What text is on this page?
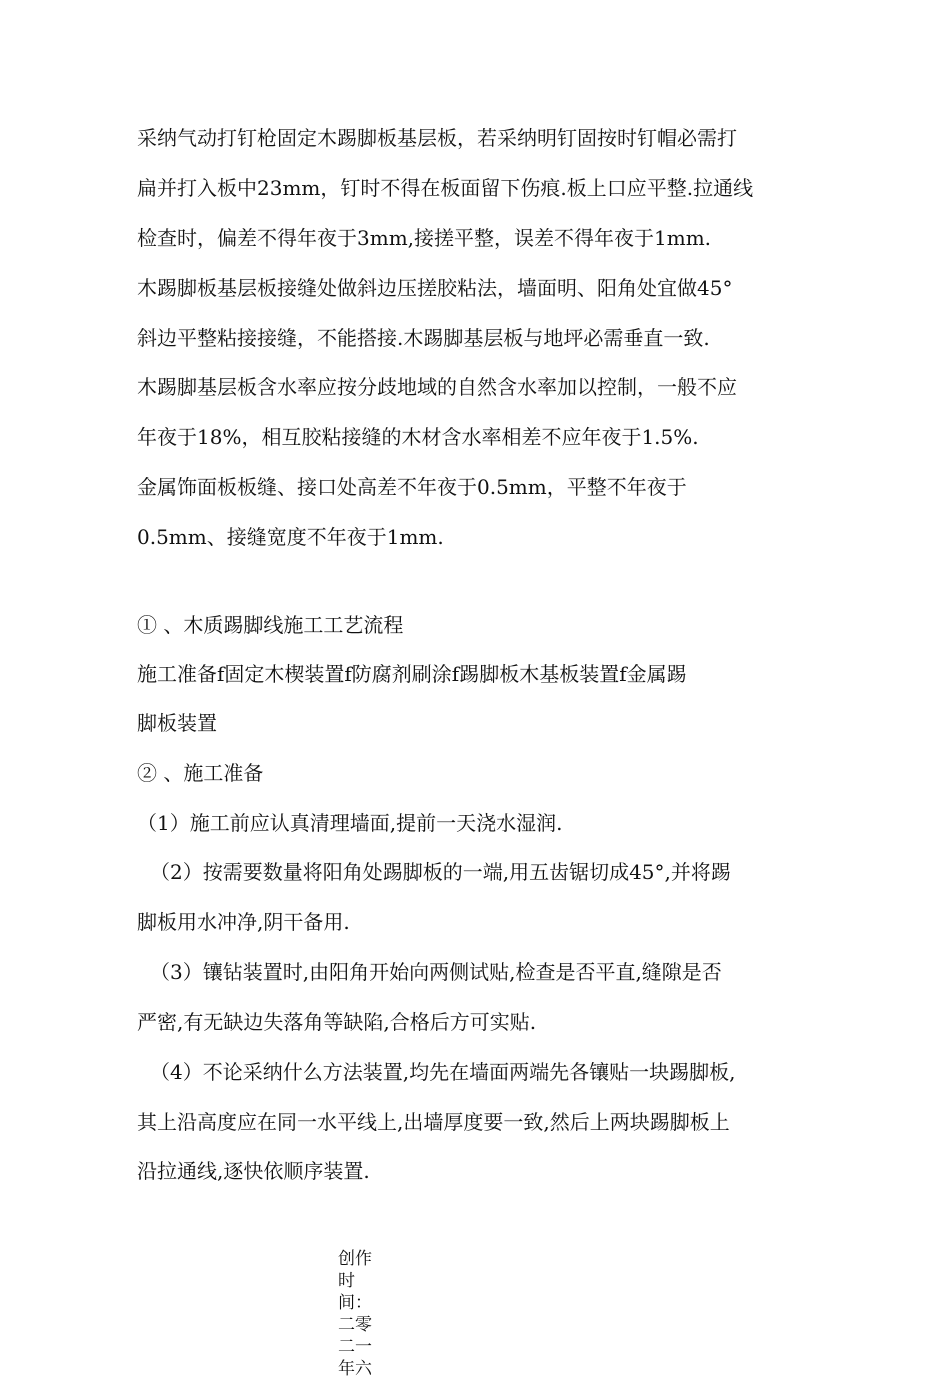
采纳气动打钉枪固定木踢脚板基层板，若采纳明钉固按时钉帽必需打
扁并打入板中23mm，钉时不得在板面留下伤痕.板上口应平整.拉通线
检查时，偏差不得年夜于3mm,接搓平整，误差不得年夜于1mm.
木踢脚板基层板接缝处做斜边压搓胶粘法，墙面明、阳角处宜做45°
斜边平整粘接接缝，不能搭接.木踢脚基层板与地坪必需垂直一致.
木踢脚基层板含水率应按分歧地域的自然含水率加以控制，一般不应
年夜于18%，相互胶粘接缝的木材含水率相差不应年夜于1.5%.
金属饰面板板缝、接口处高差不年夜于0.5mm，平整不年夜于
0.5mm、接缝宽度不年夜于1mm.
① 、木质踢脚线施工工艺流程
施工准备f固定木楔装置f防腐剂刷涂f踢脚板木基板装置f金属踢
脚板装置
② 、施工准备
（1）施工前应认真清理墙面,提前一天浇水湿润.
（2）按需要数量将阳角处踢脚板的一端,用五齿锯切成45°,并将踢
脚板用水冲净,阴干备用.
（3）镶钻装置时,由阳角开始向两侧试贴,检查是否平直,缝隙是否
严密,有无缺边失落角等缺陷,合格后方可实贴.
（4）不论采纳什么方法装置,均先在墙面两端先各镶贴一块踢脚板,
其上沿高度应在同一水平线上,出墙厚度要一致,然后上两块踢脚板上
沿拉通线,逐快依顺序装置.
创作时间：二零二一年六
